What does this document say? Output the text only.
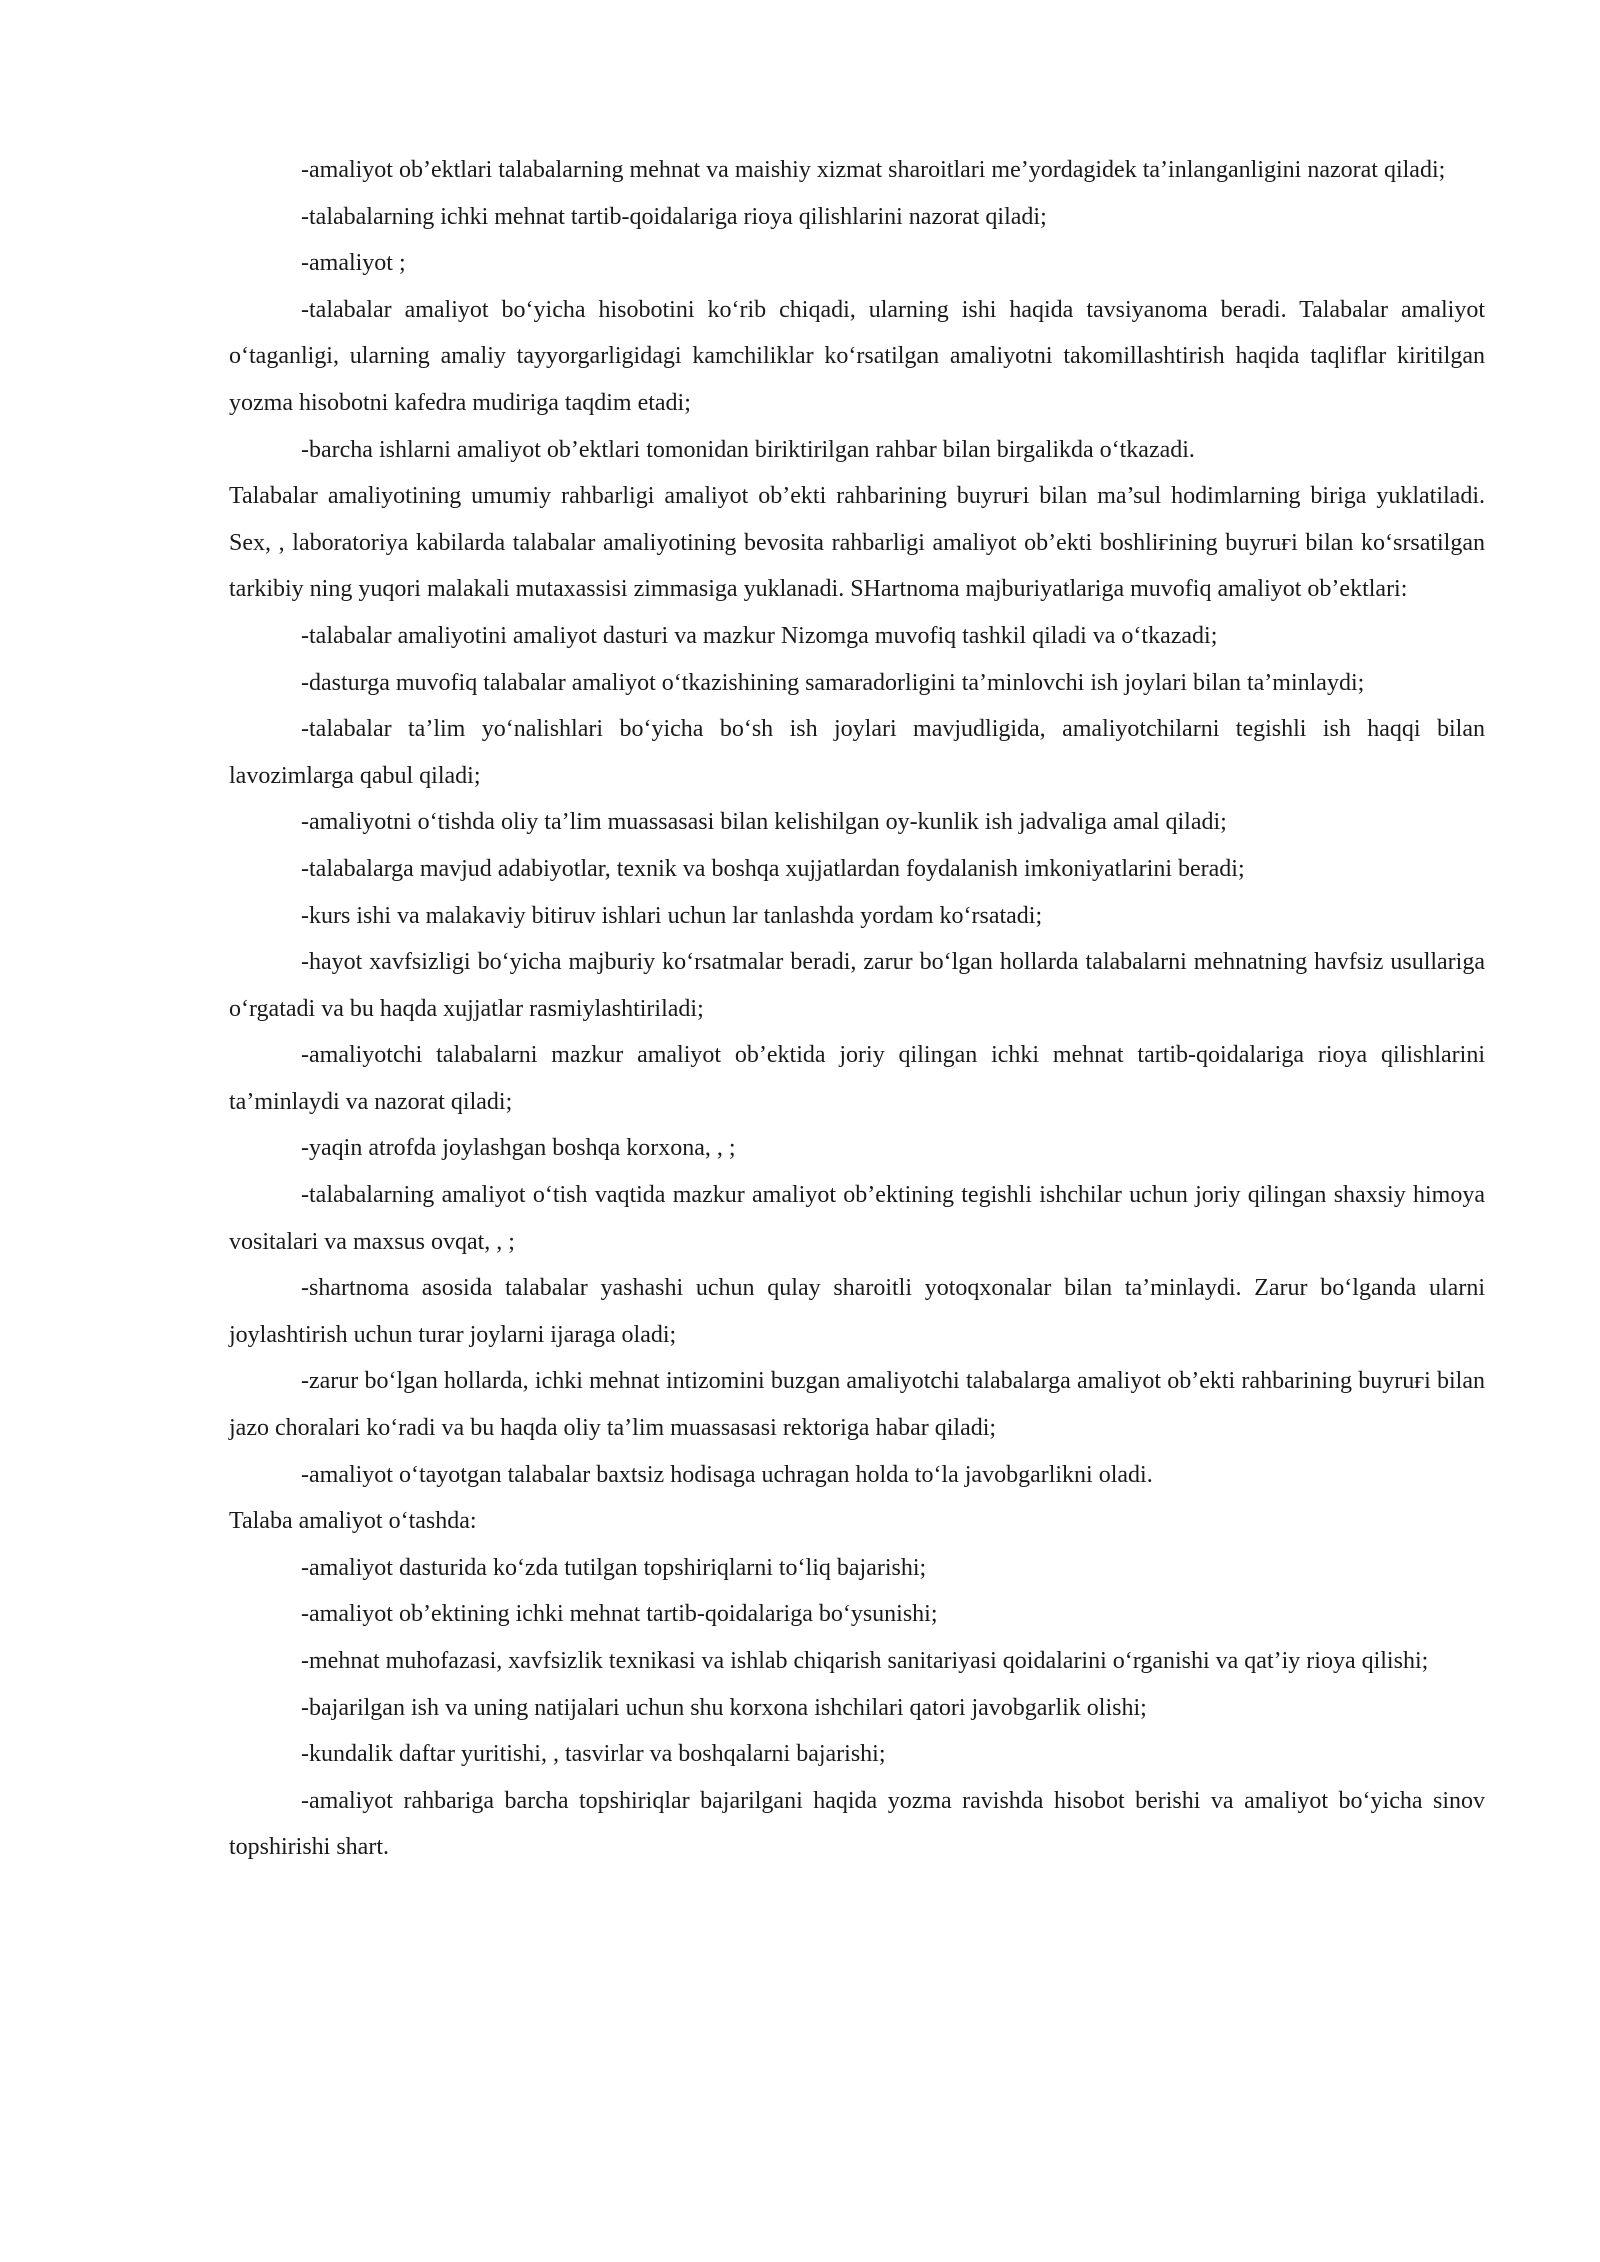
-amaliyot ob’ektlari talabalarning mehnat va maishiy xizmat sharoitlari me’yordagidek ta’inlanganligini nazorat qiladi;

-talabalarning ichki mehnat tartib-qoidalariga rioya qilishlarini nazorat qiladi;

-amaliyot ;

-talabalar amaliyot bo‘yicha hisobotini ko‘rib chiqadi, ularning ishi haqida tavsiyanoma beradi. Talabalar amaliyot o‘taganligi, ularning amaliy tayyorgarligidagi kamchiliklar ko‘rsatilgan amaliyotni takomillashtirish haqida taqliflar kiritilgan yozma hisobotni kafedra mudiriga taqdim etadi;

-barcha ishlarni amaliyot ob’ektlari tomonidan biriktirilgan rahbar bilan birgalikda o‘tkazadi.

Talabalar amaliyotining umumiy rahbarligi amaliyot ob’ekti rahbarining buyruғi bilan ma’sul hodimlarning biriga yuklatiladi. Sex, , laboratoriya kabilarda talabalar amaliyotining bevosita rahbarligi amaliyot ob’ekti boshliғining buyruғi bilan ko‘srsatilgan tarkibiy ning yuqori malakali mutaxassisi zimmasiga yuklanadi. SHartnoma majburiyatlariga muvofiq amaliyot ob’ektlari:

-talabalar amaliyotini amaliyot dasturi va mazkur Nizomga muvofiq tashkil qiladi va o‘tkazadi;

-dasturga muvofiq talabalar amaliyot o‘tkazishining samaradorligini ta’minlovchi ish joylari bilan ta’minlaydi;

-talabalar ta’lim yo‘nalishlari bo‘yicha bo‘sh ish joylari mavjudligida, amaliyotchilarni tegishli ish haqqi bilan lavozimlarga qabul qiladi;

-amaliyotni o‘tishda oliy ta’lim muassasasi bilan kelishilgan oy-kunlik ish jadvaliga amal qiladi;

-talabalarga mavjud adabiyotlar, texnik va boshqa xujjatlardan foydalanish imkoniyatlarini beradi;

-kurs ishi va malakaviy bitiruv ishlari uchun lar tanlashda yordam ko‘rsatadi;

-hayot xavfsizligi bo‘yicha majburiy ko‘rsatmalar beradi, zarur bo‘lgan hollarda talabalarni mehnatning havfsiz usullariga o‘rgatadi va bu haqda xujjatlar rasmiylashtiriladi;

-amaliyotchi talabalarni mazkur amaliyot ob’ektida joriy qilingan ichki mehnat tartib-qoidalariga rioya qilishlarini ta’minlaydi va nazorat qiladi;

-yaqin atrofda joylashgan boshqa korxona, , ;

-talabalarning amaliyot o‘tish vaqtida mazkur amaliyot ob’ektining tegishli ishchilar uchun joriy qilingan shaxsiy himoya vositalari va maxsus ovqat, , ;

-shartnoma asosida talabalar yashashi uchun qulay sharoitli yotoqxonalar bilan ta’minlaydi. Zarur bo‘lganda ularni joylashtirish uchun turar joylarni ijaraga oladi;

-zarur bo‘lgan hollarda, ichki mehnat intizomini buzgan amaliyotchi talabalarga amaliyot ob’ekti rahbarining buyruғi bilan jazo choralari ko‘radi va bu haqda oliy ta’lim muassasasi rektoriga habar qiladi;

-amaliyot o‘tayotgan talabalar baxtsiz hodisaga uchragan holda to‘la javobgarlikni oladi.

Talaba amaliyot o‘tashda:

-amaliyot dasturida ko‘zda tutilgan topshiriqlarni to‘liq bajarishi;

-amaliyot ob’ektining ichki mehnat tartib-qoidalariga bo‘ysunishi;

-mehnat muhofazasi, xavfsizlik texnikasi va ishlab chiqarish sanitariyasi qoidalarini o‘rganishi va qat’iy rioya qilishi;

-bajarilgan ish va uning natijalari uchun shu korxona ishchilari qatori javobgarlik olishi;

-kundalik daftar yuritishi, , tasvirlar va boshqalarni bajarishi;

-amaliyot rahbariga barcha topshiriqlar bajarilgani haqida yozma ravishda hisobot berishi va amaliyot bo‘yicha sinov topshirishi shart.
